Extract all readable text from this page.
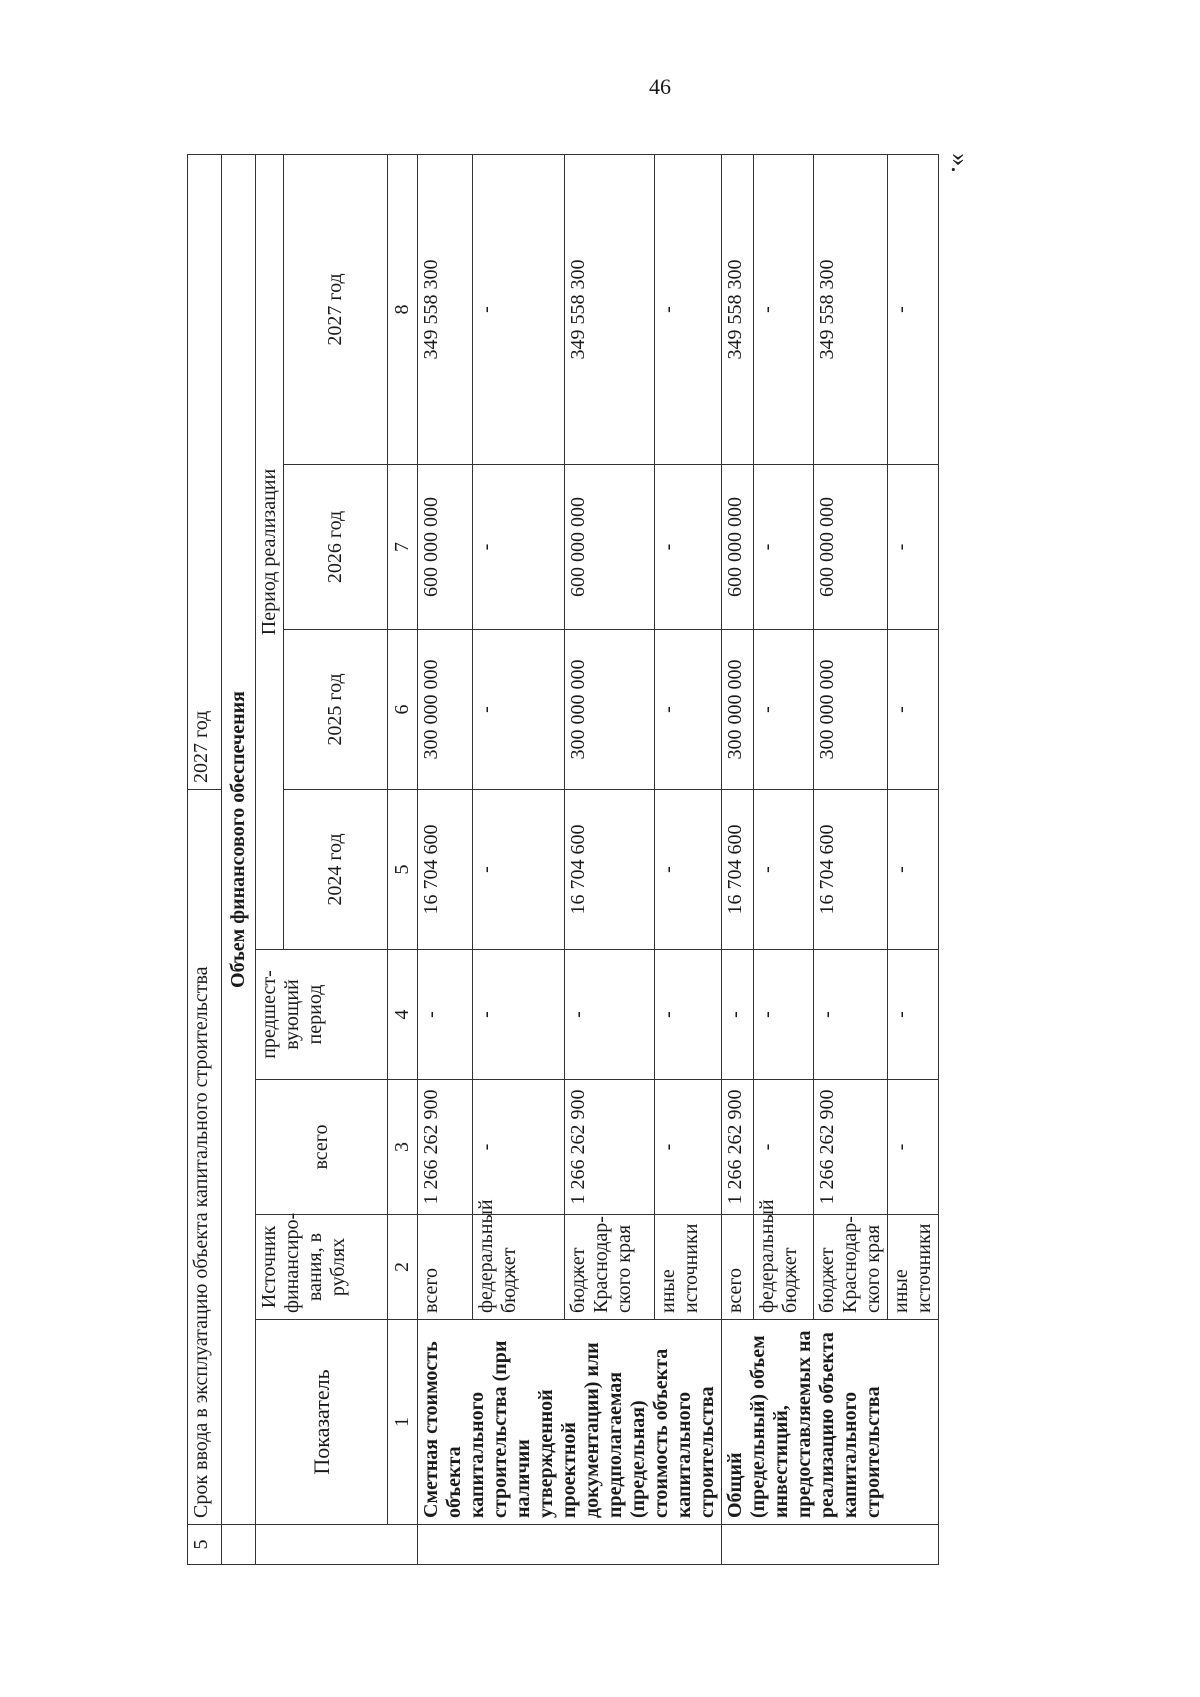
46
».
5	Срок ввода в эксплуатацию объекта капитального строительства					2027 год		
	Объем финансового обеспечения							
	Показатель	Источник финансиро-вания, в рублях	всего	предшест-вующий период	Период реализации			
					2024 год	2025 год	2026 год	2027 год
	1	2	3	4	5	6	7	8
	Сметная стоимость объекта капитального строительства (при наличии утвержденной проектной документации) или предполагаемая (предельная) стоимость объекта капитального строительства	всего	1 266 262 900	-	16 704 600	300 000 000	600 000 000	349 558 300
		федеральный бюджет	-	-	-	-	-	-
		бюджет Краснодар-ского края	1 266 262 900	-	16 704 600	300 000 000	600 000 000	349 558 300
		иные источники	-	-	-	-	-	-
	Общий (предельный) объем инвестиций, предоставляемых на реализацию объекта капитального строительства	всего	1 266 262 900	-	16 704 600	300 000 000	600 000 000	349 558 300
		федеральный бюджет	-	-	-	-	-	-
		бюджет Краснодар-ского края	1 266 262 900	-	16 704 600	300 000 000	600 000 000	349 558 300
		иные источники	-	-	-	-	-	-
